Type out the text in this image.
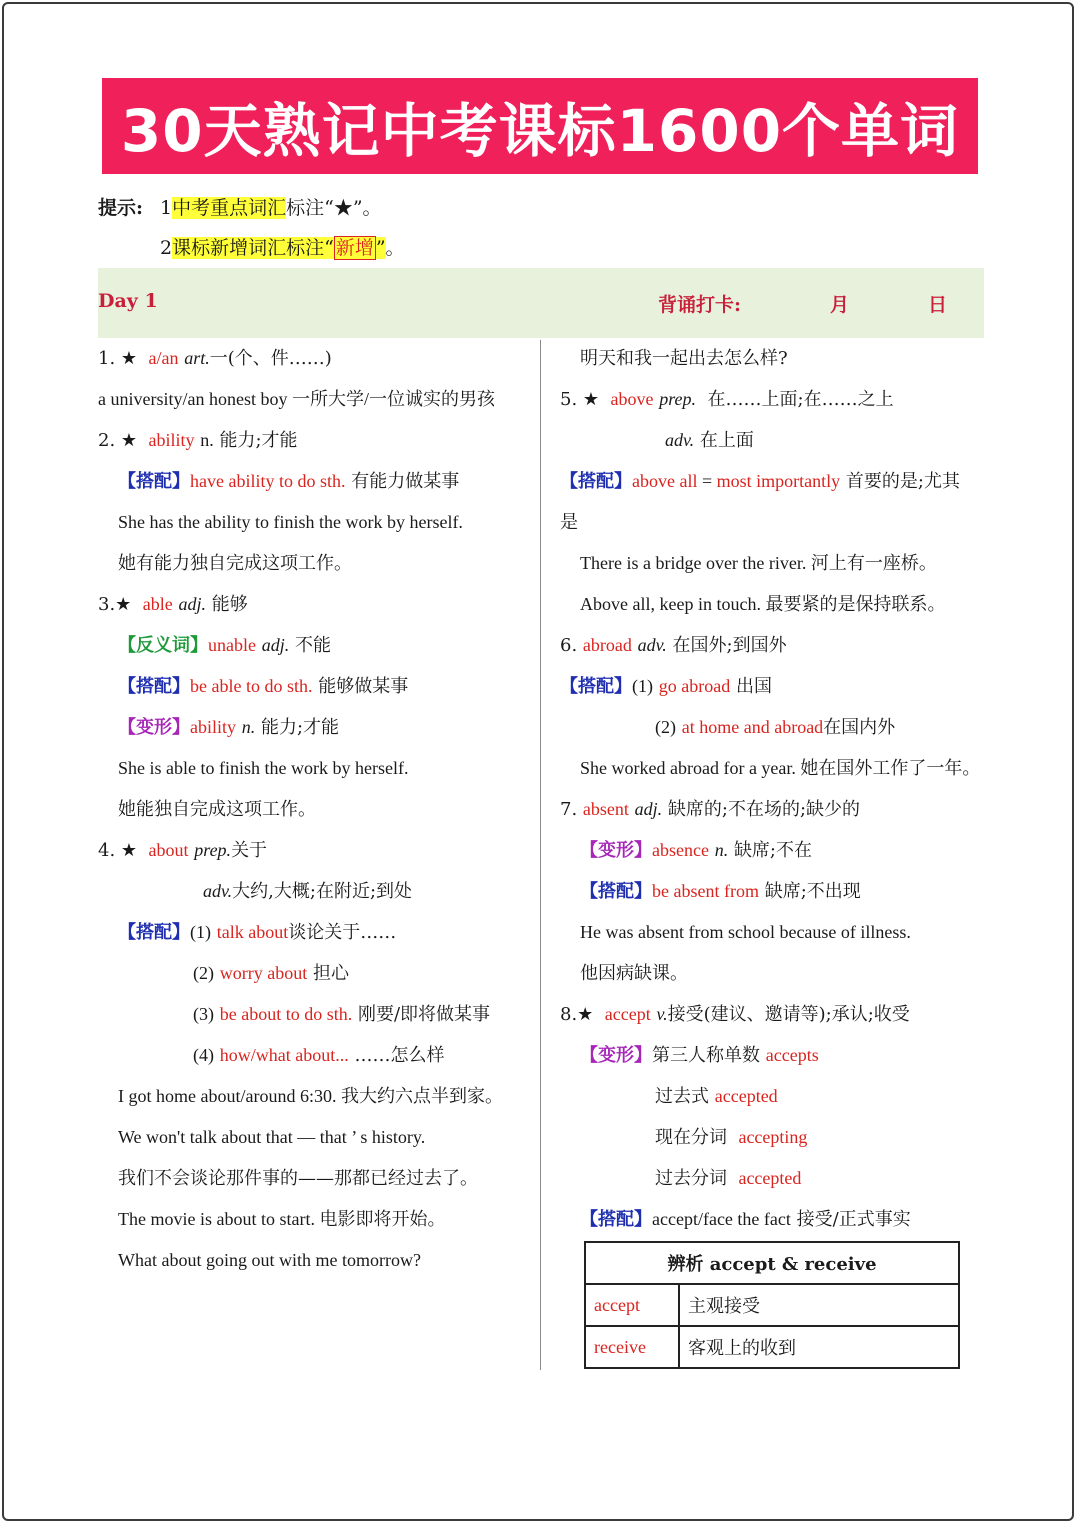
30天熟记中考课标1600个单词
提示: 1中考重点词汇标注“★”。
2课标新增词汇标注“ 新增 ”。
Day 1	背诵打卡:	月	日
1. ★ a/an art.一(个、件……)
a university/an honest boy 一所大学/一位诚实的男孩
2. ★ ability n. 能力;才能
【搭配】have ability to do sth. 有能力做某事
She has the ability to finish the work by herself.
她有能力独自完成这项工作。
3.★ able adj. 能够
【反义词】unable adj. 不能
【搭配】be able to do sth. 能够做某事
【变形】ability n. 能力;才能
She is able to finish the work by herself.
她能独自完成这项工作。
4. ★ about prep.关于
adv.大约,大概;在附近;到处
【搭配】(1) talk about谈论关于……
(2) worry about 担心
(3) be about to do sth. 刚要/即将做某事
(4) how/what about... ……怎么样
I got home about/around 6:30. 我大约六点半到家。
We won't talk about that — that ’ s history.
我们不会谈论那件事的——那都已经过去了。
The movie is about to start. 电影即将开始。
What about going out with me tomorrow?
明天和我一起出去怎么样?
5. ★ above prep. 在……上面;在……之上
adv. 在上面
【搭配】above all = most importantly 首要的是;尤其
是
There is a bridge over the river. 河上有一座桥。
Above all, keep in touch. 最要紧的是保持联系。
6. abroad adv. 在国外;到国外
【搭配】(1) go abroad 出国
(2) at home and abroad在国内外
She worked abroad for a year. 她在国外工作了一年。
7. absent adj. 缺席的;不在场的;缺少的
【变形】absence n. 缺席;不在
【搭配】be absent from 缺席;不出现
He was absent from school because of illness.
他因病缺课。
8.★ accept v.接受(建议、邀请等);承认;收受
【变形】第三人称单数 accepts
过去式 accepted
现在分词 accepting
过去分词 accepted
【搭配】accept/face the fact 接受/正式事实
辨析 accept & receive	
accept	主观接受
receive	客观上的收到
